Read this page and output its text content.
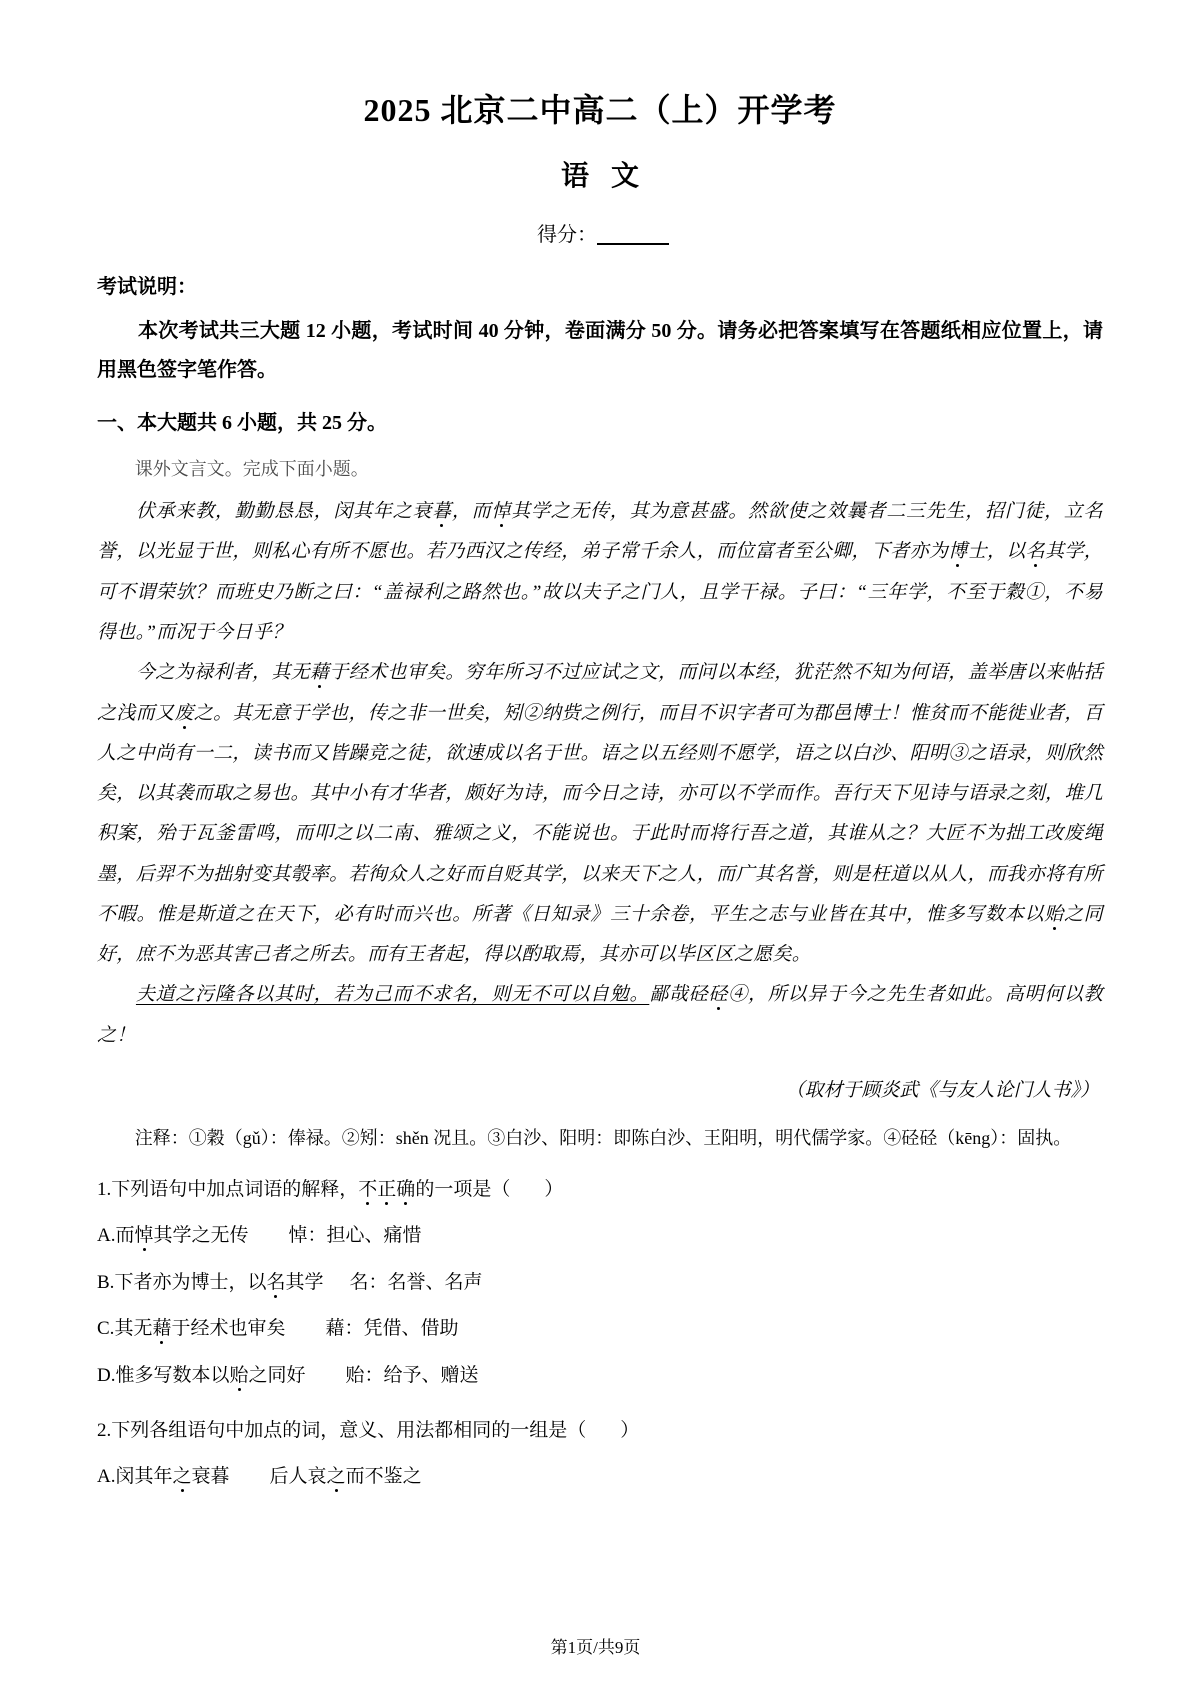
2025 北京二中高二（上）开学考
语文
得分：
考试说明：
本次考试共三大题 12 小题，考试时间 40 分钟，卷面满分 50 分。请务必把答案填写在答题纸相应位置上，请用黑色签字笔作答。
一、本大题共 6 小题，共 25 分。
课外文言文。完成下面小题。

伏承来教，勤勤恳恳，闵其年之衰暮，而悼其学之无传，其为意甚盛。然欲使之效曩者二三先生，招门徒，立名誉，以光显于世，则私心有所不愿也。若乃西汉之传经，弟子常千余人，而位富者至公卿，下者亦为博士，以名其学，可不谓荣欤？而班史乃断之曰：“盖禄利之路然也。”故以夫子之门人，且学干禄。子曰：“三年学，不至于穀①，不易得也。”而况于今日乎？

今之为禄利者，其无藉于经术也审矣。穷年所习不过应试之文，而问以本经，犹茫然不知为何语，盖举唐以来帖括之浅而又废之。其无意于学也，传之非一世矣，矧②纳赀之例行，而目不识字者可为郡邑博士！惟贫而不能徙业者，百人之中尚有一二，读书而又皆躁竞之徒，欲速成以名于世。语之以五经则不愿学，语之以白沙、阳明③之语录，则欣然矣，以其袭而取之易也。其中小有才华者，颇好为诗，而今日之诗，亦可以不学而作。吾行天下见诗与语录之刻，堆几积案，殆于瓦釜雷鸣，而叩之以二南、雅颂之义，不能说也。于此时而将行吾之道，其谁从之？大匠不为拙工改废绳墨，后羿不为拙射变其彀率。若徇众人之好而自贬其学，以来天下之人，而广其名誉，则是枉道以从人，而我亦将有所不暇。惟是斯道之在天下，必有时而兴也。所著《日知录》三十余卷，平生之志与业皆在其中，惟多写数本以贻之同好，庶不为恶其害己者之所去。而有王者起，得以酌取焉，其亦可以毕区区之愿矣。

夫道之污隆各以其时，若为己而不求名，则无不可以自勉。鄙哉硁硁④，所以异于今之先生者如此。高明何以教之！

（取材于顾炎武《与友人论门人书》）
注释：①穀（gǔ）：俸禄。②矧：shěn 况且。③白沙、阳明：即陈白沙、王阳明，明代儒学家。④硁硁（kēng）：固执。
1.下列语句中加点词语的解释，不正确的一项是（ ）
A.而悼其学之无传 悼：担心、痛惜
B.下者亦为博士，以名其学 名：名誉、名声
C.其无藉于经术也审矣 藉：凭借、借助
D.惟多写数本以贻之同好 贻：给予、赠送
2.下列各组语句中加点的词，意义、用法都相同的一组是（ ）
A.闵其年之衰暮 后人哀之而不鉴之
第1页/共9页
